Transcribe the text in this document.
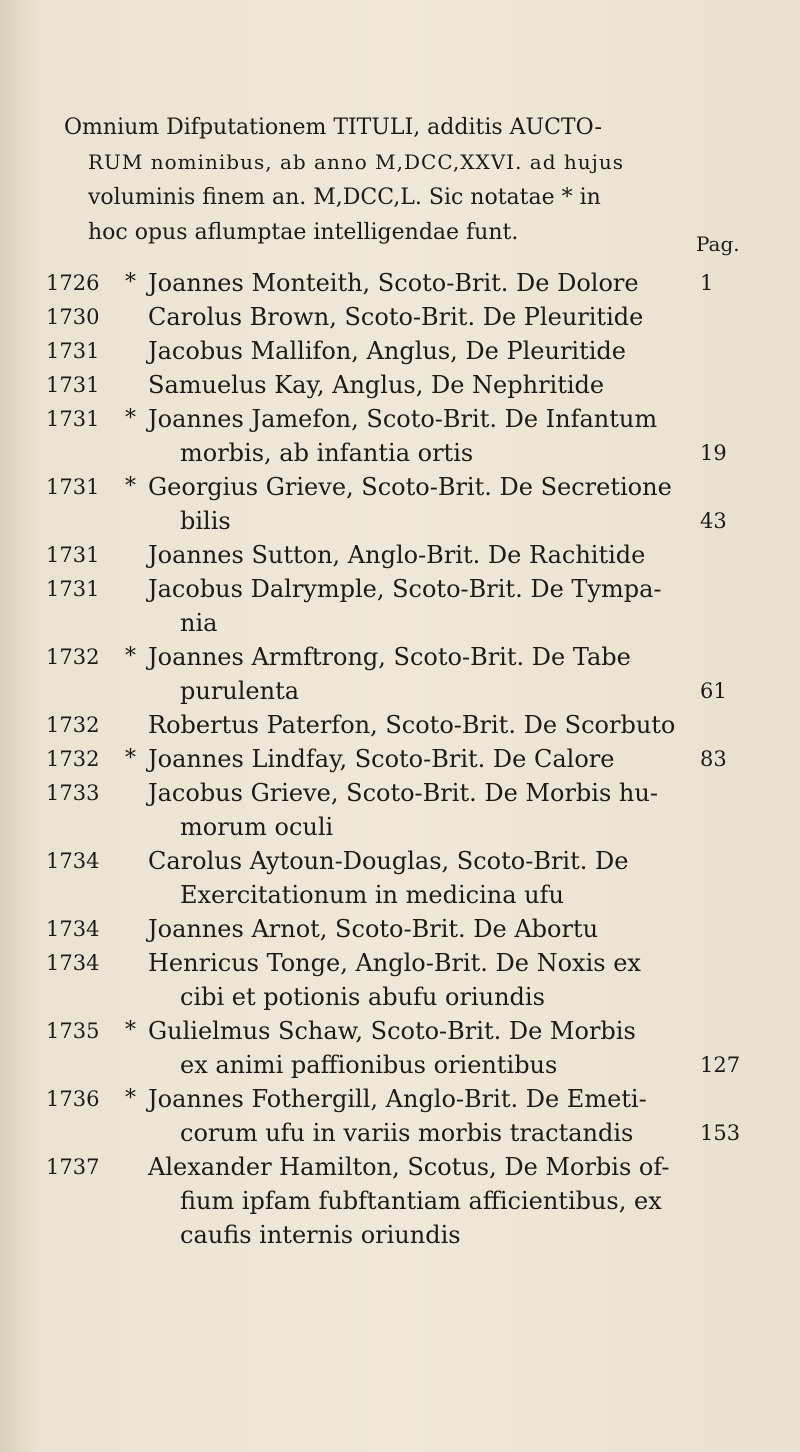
Omnium Difputationem TITULI, additis AUCTO-

RUM nominibus, ab anno M,DCC,XXVI. ad hujus

voluminis finem an. M,DCC,L. Sic notatae * in

hoc opus aflumptae intelligendae funt.	Pag.
1726	* Joannes Monteith, Scoto-Brit. De Dolore	1
1730	Carolus Brown, Scoto-Brit. De Pleuritide
1731	Jacobus Mallifon, Anglus, De Pleuritide
1731	Samuelus Kay, Anglus, De Nephritide
1731	* Joannes Jamefon, Scoto-Brit. De Infantum
morbis, ab infantia ortis	19
1731	* Georgius Grieve, Scoto-Brit. De Secretione
bilis	43
1731	Joannes Sutton, Anglo-Brit. De Rachitide
1731	Jacobus Dalrymple, Scoto-Brit. De Tympa-
nia
1732	* Joannes Armftrong, Scoto-Brit. De Tabe
purulenta	61
1732	Robertus Paterfon, Scoto-Brit. De Scorbuto
1732	* Joannes Lindfay, Scoto-Brit. De Calore	83
1733	Jacobus Grieve, Scoto-Brit. De Morbis hu-
morum oculi
1734	Carolus Aytoun-Douglas, Scoto-Brit. De
Exercitationum in medicina ufu
1734	Joannes Arnot, Scoto-Brit. De Abortu
1734	Henricus Tonge, Anglo-Brit. De Noxis ex
cibi et potionis abufu oriundis
1735	* Gulielmus Schaw, Scoto-Brit. De Morbis
ex animi paffionibus orientibus	127
1736	* Joannes Fothergill, Anglo-Brit. De Emeti-
corum ufu in variis morbis tractandis	153
1737	Alexander Hamilton, Scotus, De Morbis of-
fium ipfam fubftantiam afficientibus, ex
caufis internis oriundis
